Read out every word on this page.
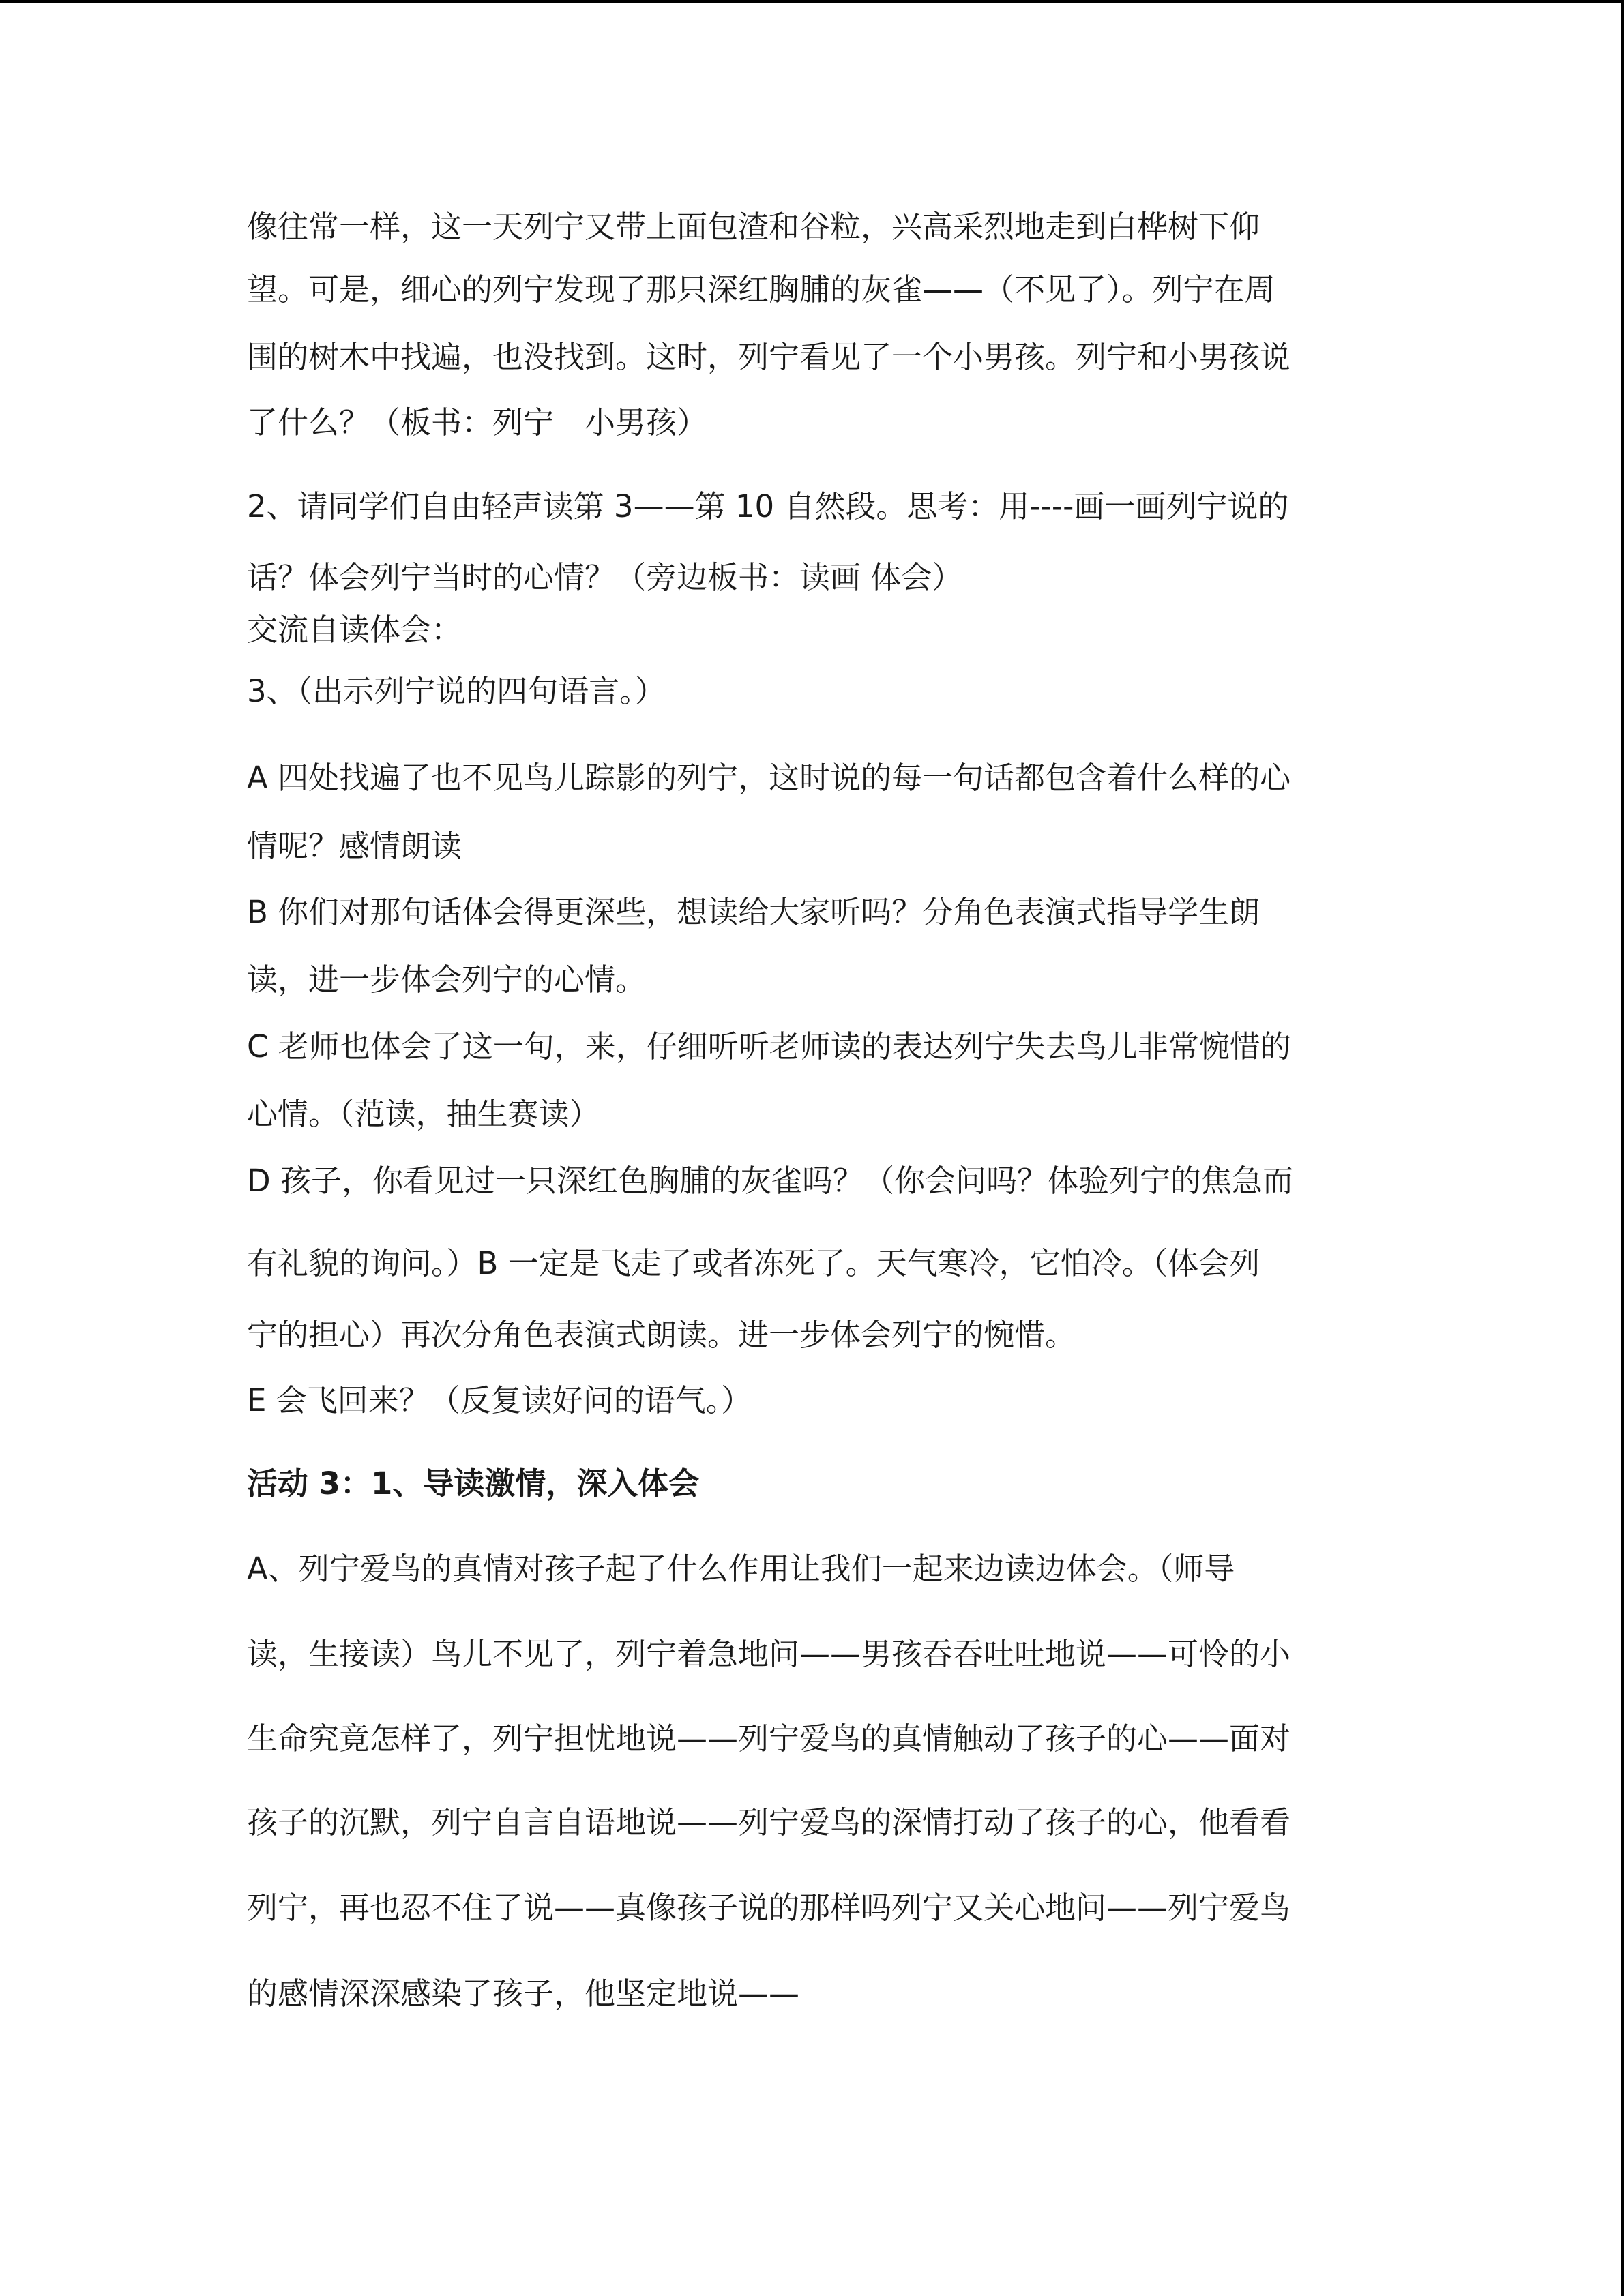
像往常一样，这一天列宁又带上面包渣和谷粒，兴高采烈地走到白桦树下仰
望。可是，细心的列宁发现了那只深红胸脯的灰雀——（不见了）。列宁在周
围的树木中找遍，也没找到。这时，列宁看见了一个小男孩。列宁和小男孩说
了什么？（板书：列宁　小男孩）
2、请同学们自由轻声读第 3——第 10 自然段。思考：用----画一画列宁说的
话？体会列宁当时的心情？（旁边板书：读画 体会）
交流自读体会：
3、（出示列宁说的四句语言。）
A 四处找遍了也不见鸟儿踪影的列宁，这时说的每一句话都包含着什么样的心
情呢？感情朗读
B 你们对那句话体会得更深些，想读给大家听吗？分角色表演式指导学生朗
读，进一步体会列宁的心情。
C 老师也体会了这一句，来，仔细听听老师读的表达列宁失去鸟儿非常惋惜的
心情。（范读，抽生赛读）
D 孩子，你看见过一只深红色胸脯的灰雀吗？（你会问吗？体验列宁的焦急而
有礼貌的询问。）B 一定是飞走了或者冻死了。天气寒冷，它怕冷。（体会列
宁的担心）再次分角色表演式朗读。进一步体会列宁的惋惜。
E 会飞回来？（反复读好问的语气。）
活动 3：1、导读激情，深入体会
A、列宁爱鸟的真情对孩子起了什么作用让我们一起来边读边体会。（师导
读，生接读）鸟儿不见了，列宁着急地问——男孩吞吞吐吐地说——可怜的小
生命究竟怎样了，列宁担忧地说——列宁爱鸟的真情触动了孩子的心——面对
孩子的沉默，列宁自言自语地说——列宁爱鸟的深情打动了孩子的心，他看看
列宁，再也忍不住了说——真像孩子说的那样吗列宁又关心地问——列宁爱鸟
的感情深深感染了孩子，他坚定地说——
